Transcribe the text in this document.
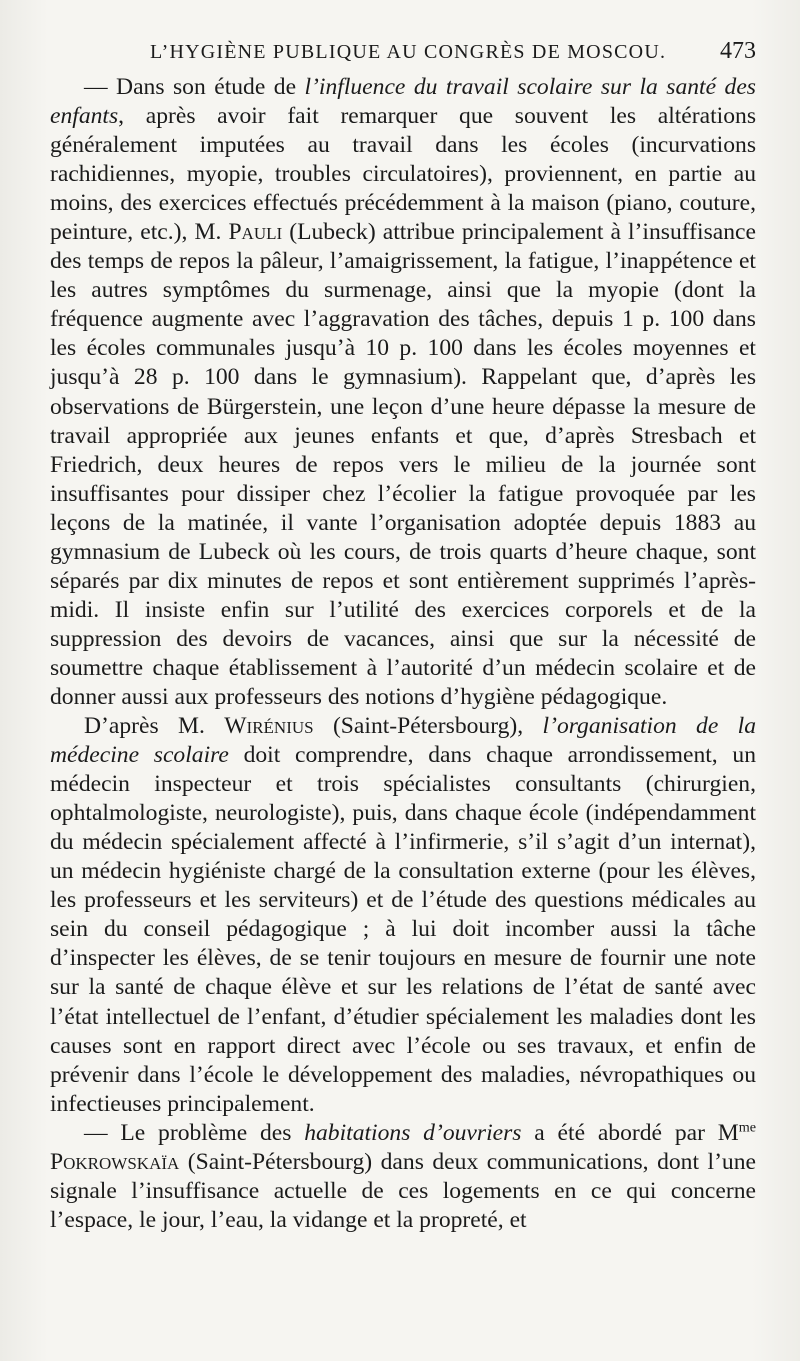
L’HYGIÈNE PUBLIQUE AU CONGRÈS DE MOSCOU. 473

— Dans son étude de l’influence du travail scolaire sur la santé des enfants, après avoir fait remarquer que souvent les altérations généralement imputées au travail dans les écoles (incurvations rachidiennes, myopie, troubles circulatoires), proviennent, en partie au moins, des exercices effectués précédemment à la maison (piano, couture, peinture, etc.), M. Pauli (Lubeck) attribue principalement à l’insuffisance des temps de repos la pâleur, l’amaigrissement, la fatigue, l’inappétence et les autres symptômes du surmenage, ainsi que la myopie (dont la fréquence augmente avec l’aggravation des tâches, depuis 1 p. 100 dans les écoles communales jusqu’à 10 p. 100 dans les écoles moyennes et jusqu’à 28 p. 100 dans le gymnasium). Rappelant que, d’après les observations de Bürgerstein, une leçon d’une heure dépasse la mesure de travail appropriée aux jeunes enfants et que, d’après Stresbach et Friedrich, deux heures de repos vers le milieu de la journée sont insuffisantes pour dissiper chez l’écolier la fatigue provoquée par les leçons de la matinée, il vante l’organisation adoptée depuis 1883 au gymnasium de Lubeck où les cours, de trois quarts d’heure chaque, sont séparés par dix minutes de repos et sont entièrement supprimés l’après-midi. Il insiste enfin sur l’utilité des exercices corporels et de la suppression des devoirs de vacances, ainsi que sur la nécessité de soumettre chaque établissement à l’autorité d’un médecin scolaire et de donner aussi aux professeurs des notions d’hygiène pédagogique.

D’après M. Wirénius (Saint-Pétersbourg), l’organisation de la médecine scolaire doit comprendre, dans chaque arrondissement, un médecin inspecteur et trois spécialistes consultants (chirurgien, ophtalmologiste, neurologiste), puis, dans chaque école (indépendamment du médecin spécialement affecté à l’infirmerie, s’il s’agit d’un internat), un médecin hygiéniste chargé de la consultation externe (pour les élèves, les professeurs et les serviteurs) et de l’étude des questions médicales au sein du conseil pédagogique ; à lui doit incomber aussi la tâche d’inspecter les élèves, de se tenir toujours en mesure de fournir une note sur la santé de chaque élève et sur les relations de l’état de santé avec l’état intellectuel de l’enfant, d’étudier spécialement les maladies dont les causes sont en rapport direct avec l’école ou ses travaux, et enfin de prévenir dans l’école le développement des maladies, névropathiques ou infectieuses principalement.

— Le problème des habitations d’ouvriers a été abordé par $M^{me}$ Pokrowskaïa (Saint-Pétersbourg) dans deux communications, dont l’une signale l’insuffisance actuelle de ces logements en ce qui concerne l’espace, le jour, l’eau, la vidange et la propreté, et
